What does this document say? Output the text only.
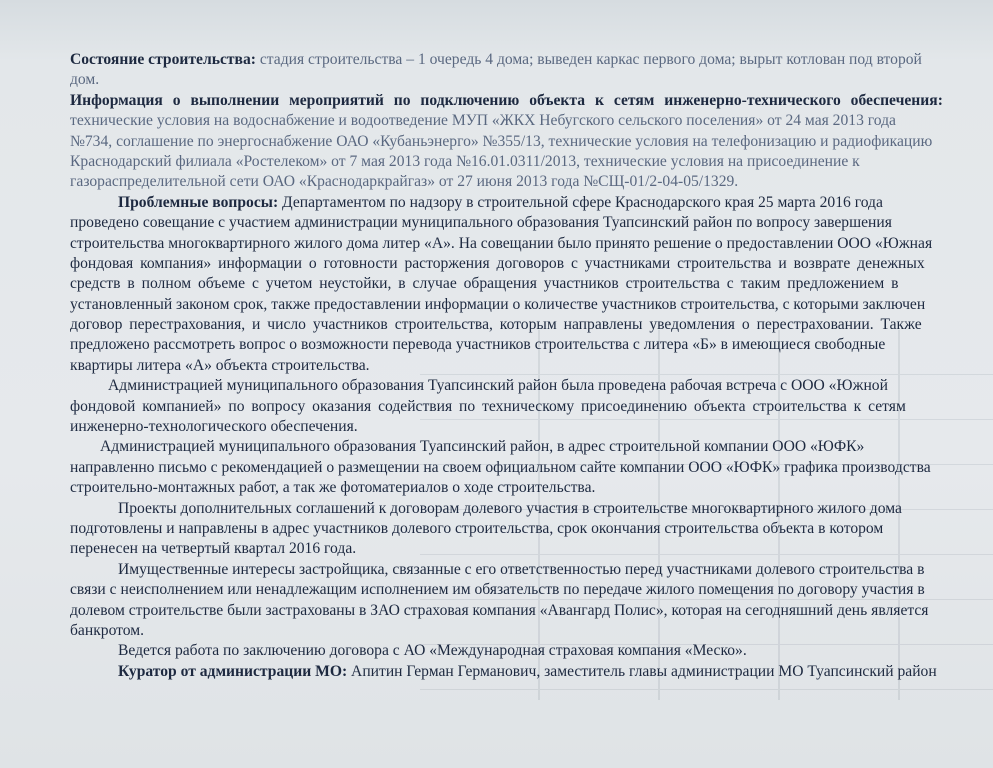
Состояние строительства: стадия строительства – 1 очередь 4 дома; выведен каркас первого дома; вырыт котлован под второй
дом.
Информация о выполнении мероприятий по подключению объекта к сетям инженерно-технического обеспечения:
технические условия на водоснабжение и водоотведение МУП «ЖКХ Небугского сельского поселения» от 24 мая 2013 года
№734, соглашение по энергоснабжение ОАО «Кубаньэнерго» №355/13, технические условия на телефонизацию и радиофикацию
Краснодарский филиала «Ростелеком» от 7 мая 2013 года №16.01.0311/2013, технические условия на присоединение к
газораспределительной сети ОАО «Краснодаркрайгаз» от 27 июня 2013 года №СЩ-01/2-04-05/1329.
Проблемные вопросы: Департаментом по надзору в строительной сфере Краснодарского края 25 марта 2016 года
проведено совещание с участием администрации муниципального образования Туапсинский район по вопросу завершения
строительства многоквартирного жилого дома литер «А». На совещании было принято решение о предоставлении ООО «Южная
фондовая компания» информации о готовности расторжения договоров с участниками строительства и возврате денежных
средств в полном объеме с учетом неустойки, в случае обращения участников строительства с таким предложением в
установленный законом срок, также предоставлении информации о количестве участников строительства, с которыми заключен
договор перестрахования, и число участников строительства, которым направлены уведомления о перестраховании. Также
предложено рассмотреть вопрос о возможности перевода участников строительства с литера «Б» в имеющиеся свободные
квартиры литера «А» объекта строительства.
Администрацией муниципального образования Туапсинский район была проведена рабочая встреча с ООО «Южной
фондовой компанией» по вопросу оказания содействия по техническому присоединению объекта строительства к сетям
инженерно-технологического обеспечения.
Администрацией муниципального образования Туапсинский район, в адрес строительной компании ООО «ЮФК»
направленно письмо с рекомендацией о размещении на своем официальном сайте компании ООО «ЮФК» графика производства
строительно-монтажных работ, а так же фотоматериалов о ходе строительства.
Проекты дополнительных соглашений к договорам долевого участия в строительстве многоквартирного жилого дома
подготовлены и направлены в адрес участников долевого строительства, срок окончания строительства объекта в котором
перенесен на четвертый квартал 2016 года.
Имущественные интересы застройщика, связанные с его ответственностью перед участниками долевого строительства в
связи с неисполнением или ненадлежащим исполнением им обязательств по передаче жилого помещения по договору участия в
долевом строительстве были застрахованы в ЗАО страховая компания «Авангард Полис», которая на сегодняшний день является
банкротом.
Ведется работа по заключению договора с АО «Международная страховая компания «Меско».
Куратор от администрации МО: Апитин Герман Германович, заместитель главы администрации МО Туапсинский район
